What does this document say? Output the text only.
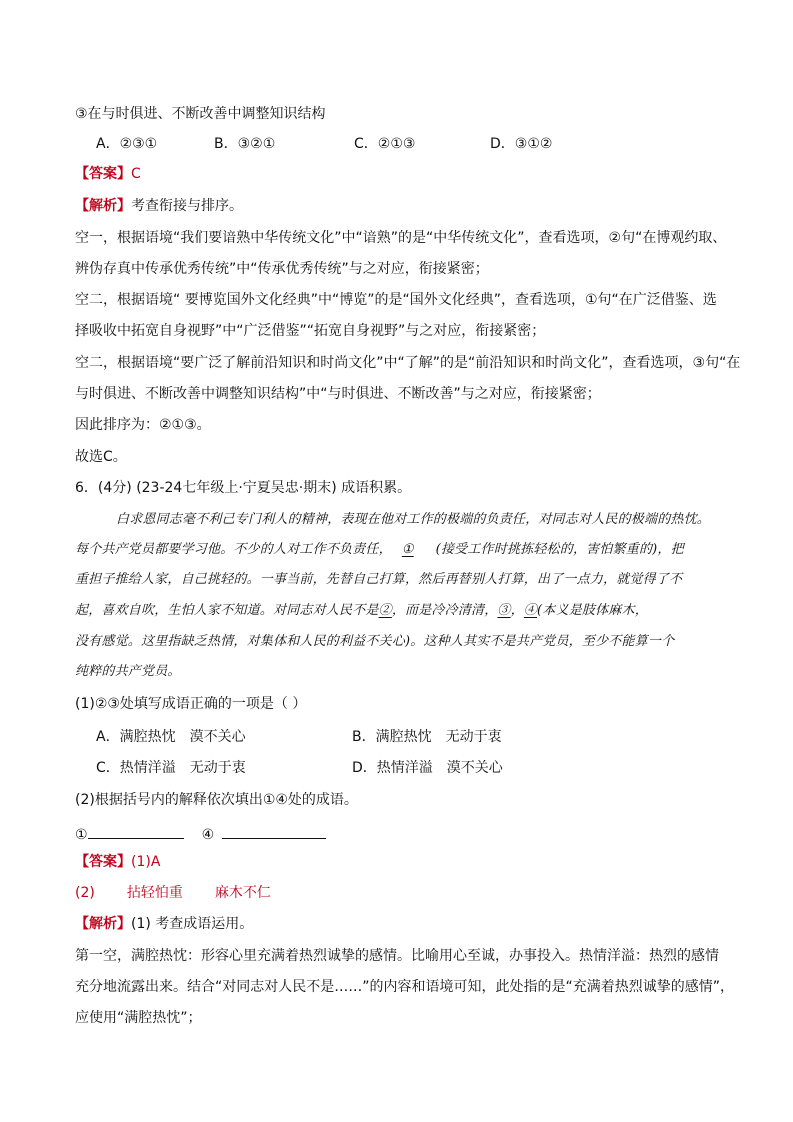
③在与时俱进、不断改善中调整知识结构
A．②③①	B．③②①	C．②①③	D．③①②
【答案】C
【解析】考查衔接与排序。
空一，根据语境“我们要谙熟中华传统文化”中“谙熟”的是“中华传统文化”，查看选项，②句“在博观约取、
辨伪存真中传承优秀传统”中“传承优秀传统”与之对应，衔接紧密；
空二，根据语境“ 要博览国外文化经典”中“博览”的是“国外文化经典”，查看选项，①句“在广泛借鉴、选
择吸收中拓宽自身视野”中“广泛借鉴”“拓宽自身视野”与之对应，衔接紧密；
空二，根据语境“要广泛了解前沿知识和时尚文化”中“了解”的是“前沿知识和时尚文化”，查看选项，③句“在
与时俱进、不断改善中调整知识结构”中“与时俱进、不断改善”与之对应，衔接紧密；
因此排序为：②①③。
故选C。
6．(4分) (23-24七年级上·宁夏吴忠·期末) 成语积累。
白求恩同志毫不利己专门利人的精神，表现在他对工作的极端的负责任，对同志对人民的极端的热忱。
每个共产党员都要学习他。不少的人对工作不负责任， ① (接受工作时挑拣轻松的，害怕繁重的)，把
重担子推给人家，自己挑轻的。一事当前，先替自己打算，然后再替别人打算，出了一点力，就觉得了不
起，喜欢自吹，生怕人家不知道。对同志对人民不是②，而是冷冷清清，③，④(本义是肢体麻木，
没有感觉。这里指缺乏热情，对集体和人民的利益不关心)。这种人其实不是共产党员，至少不能算一个
纯粹的共产党员。
(1)②③处填写成语正确的一项是（ ）
A．满腔热忱 漠不关心	B．满腔热忱 无动于衷
C．热情洋溢 无动于衷	D．热情洋溢 漠不关心
(2)根据括号内的解释依次填出①④处的成语。
①	④
【答案】(1)A
(2) 拈轻怕重 麻木不仁
【解析】(1) 考查成语运用。
第一空，满腔热忱：形容心里充满着热烈诚挚的感情。比喻用心至诚，办事投入。热情洋溢：热烈的感情
充分地流露出来。结合“对同志对人民不是……”的内容和语境可知，此处指的是“充满着热烈诚挚的感情”，
应使用“满腔热忱”；
